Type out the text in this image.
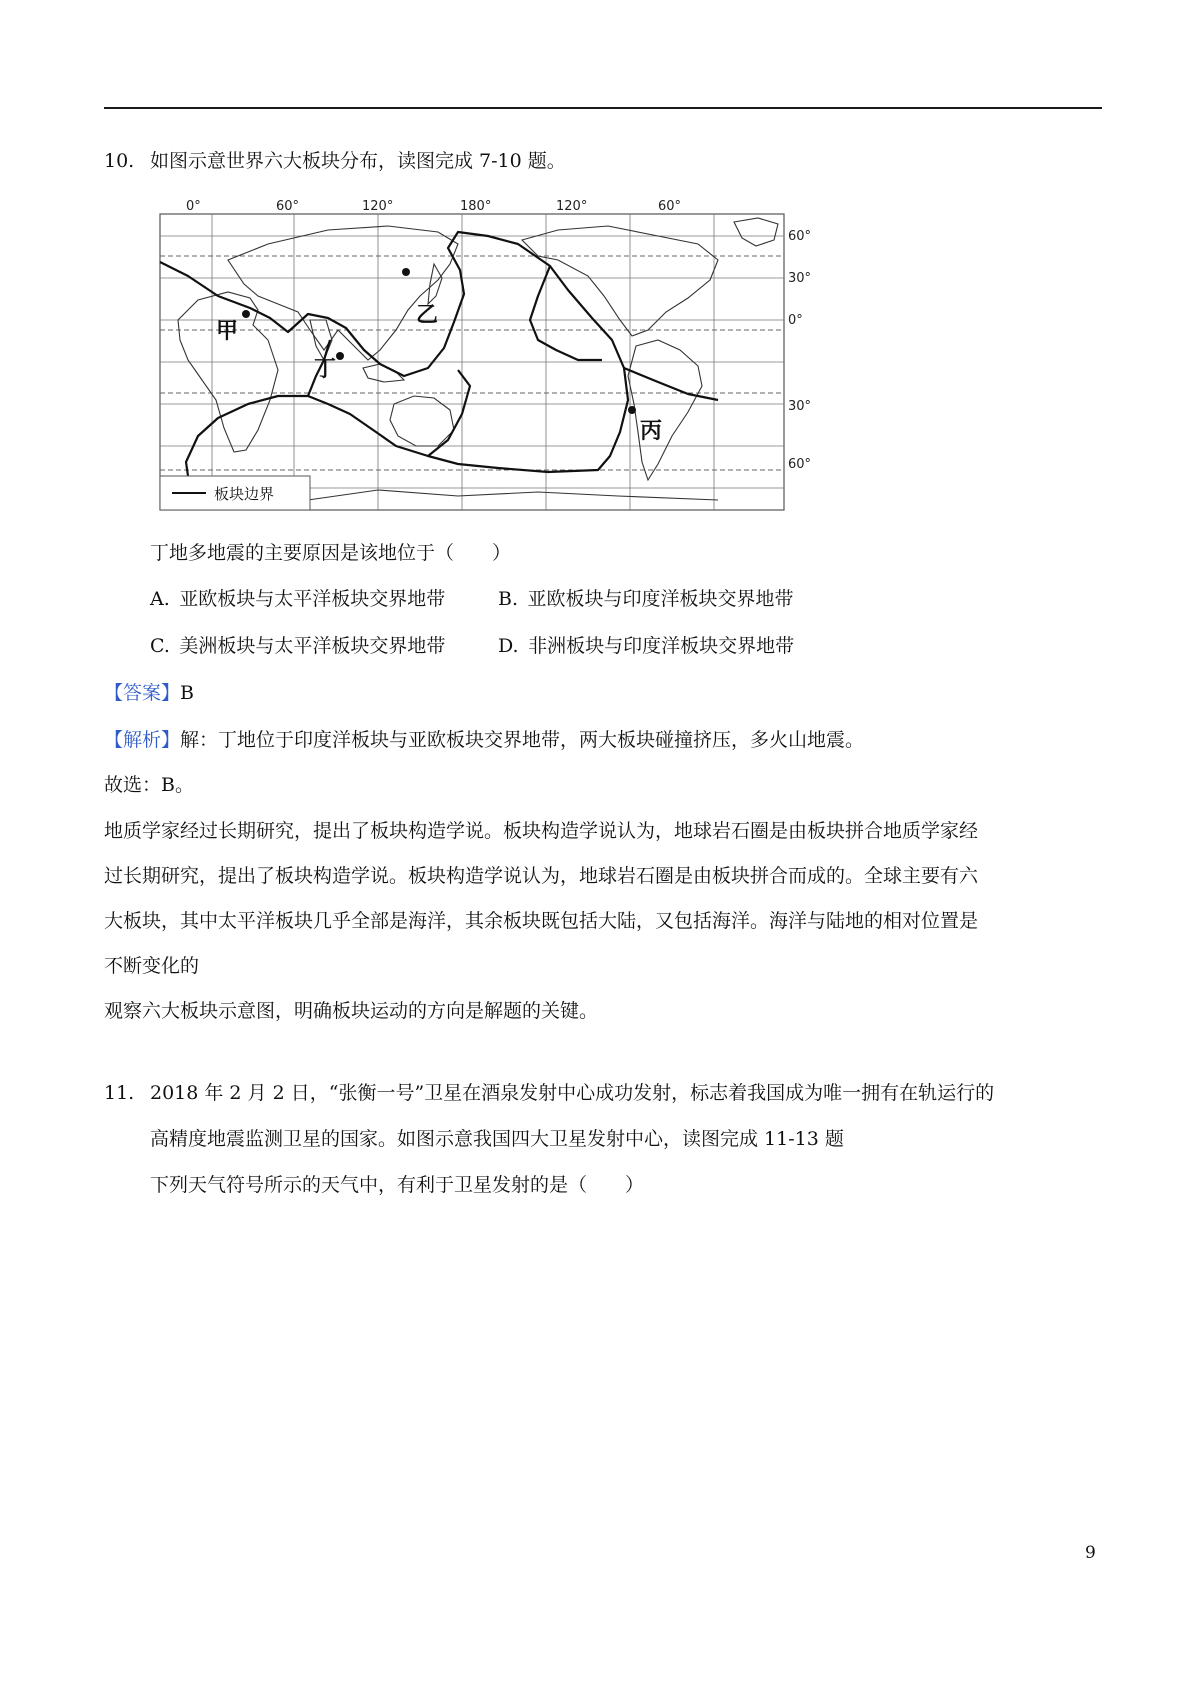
10. 如图示意世界六大板块分布，读图完成 7-10 题。
60°
30°
0°
30°
60°
0°	60°	120°	180°	120°	60°
甲
乙
丁
丙
板块边界
丁地多地震的主要原因是该地位于（　　）
A.  亚欧板块与太平洋板块交界地带	B.  亚欧板块与印度洋板块交界地带
C.  美洲板块与太平洋板块交界地带	D.  非洲板块与印度洋板块交界地带
【答案】B
【解析】解：丁地位于印度洋板块与亚欧板块交界地带，两大板块碰撞挤压，多火山地震。
故选：B。
地质学家经过长期研究，提出了板块构造学说。板块构造学说认为，地球岩石圈是由板块拼合地质学家经
过长期研究，提出了板块构造学说。板块构造学说认为，地球岩石圈是由板块拼合而成的。全球主要有六
大板块，其中太平洋板块几乎全部是海洋，其余板块既包括大陆，又包括海洋。海洋与陆地的相对位置是
不断变化的
观察六大板块示意图，明确板块运动的方向是解题的关键。
11. 2018 年 2 月 2 日，“张衡一号”卫星在酒泉发射中心成功发射，标志着我国成为唯一拥有在轨运行的
高精度地震监测卫星的国家。如图示意我国四大卫星发射中心，读图完成 11-13 题
下列天气符号所示的天气中，有利于卫星发射的是（　　）
9
